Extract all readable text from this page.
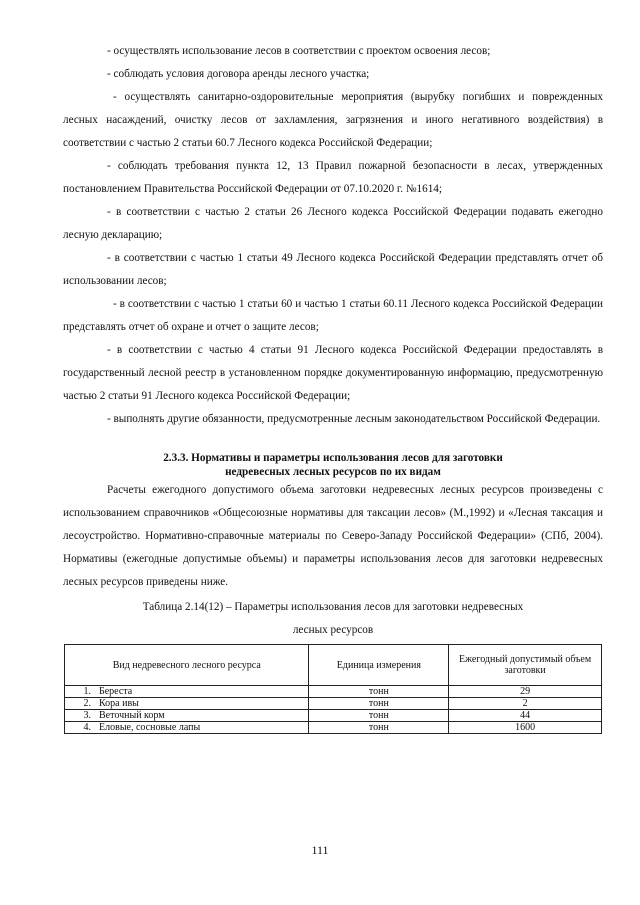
- осуществлять использование лесов в соответствии с проектом освоения лесов;

- соблюдать условия договора аренды лесного участка;

- осуществлять санитарно-оздоровительные мероприятия (вырубку погибших и поврежденных лесных насаждений, очистку лесов от захламления, загрязнения и иного негативного воздействия) в соответствии с частью 2 статьи 60.7 Лесного кодекса Российской Федерации;

- соблюдать требования пункта 12, 13 Правил пожарной безопасности в лесах, утвержденных постановлением Правительства Российской Федерации от 07.10.2020 г. №1614;

- в соответствии с частью 2 статьи 26 Лесного кодекса Российской Федерации подавать ежегодно лесную декларацию;

- в соответствии с частью 1 статьи 49 Лесного кодекса Российской Федерации представлять отчет об использовании лесов;

- в соответствии с частью 1 статьи 60 и частью 1 статьи 60.11 Лесного кодекса Российской Федерации представлять отчет об охране и отчет о защите лесов;

- в соответствии с частью 4 статьи 91 Лесного кодекса Российской Федерации предоставлять в государственный лесной реестр в установленном порядке документированную информацию, предусмотренную частью 2 статьи 91 Лесного кодекса Российской Федерации;

- выполнять другие обязанности, предусмотренные лесным законодательством Российской Федерации.

2.3.3. Нормативы и параметры использования лесов для заготовки
недревесных лесных ресурсов по их видам

Расчеты ежегодного допустимого объема заготовки недревесных лесных ресурсов произведены с использованием справочников «Общесоюзные нормативы для таксации лесов» (М.,1992) и «Лесная таксация и лесоустройство. Нормативно-справочные материалы по Северо-Западу Российской Федерации» (СПб, 2004). Нормативы (ежегодные допустимые объемы) и параметры использования лесов для заготовки недревесных лесных ресурсов приведены ниже.

Таблица 2.14(12) – Параметры использования лесов для заготовки недревесных
лесных ресурсов
Вид недревесного лесного ресурса	Единица измерения	Ежегодный допустимый объем заготовки
1. Береста	тонн	29
2. Кора ивы	тонн	2
3. Веточный корм	тонн	44
4. Еловые, сосновые лапы	тонн	1600
111
